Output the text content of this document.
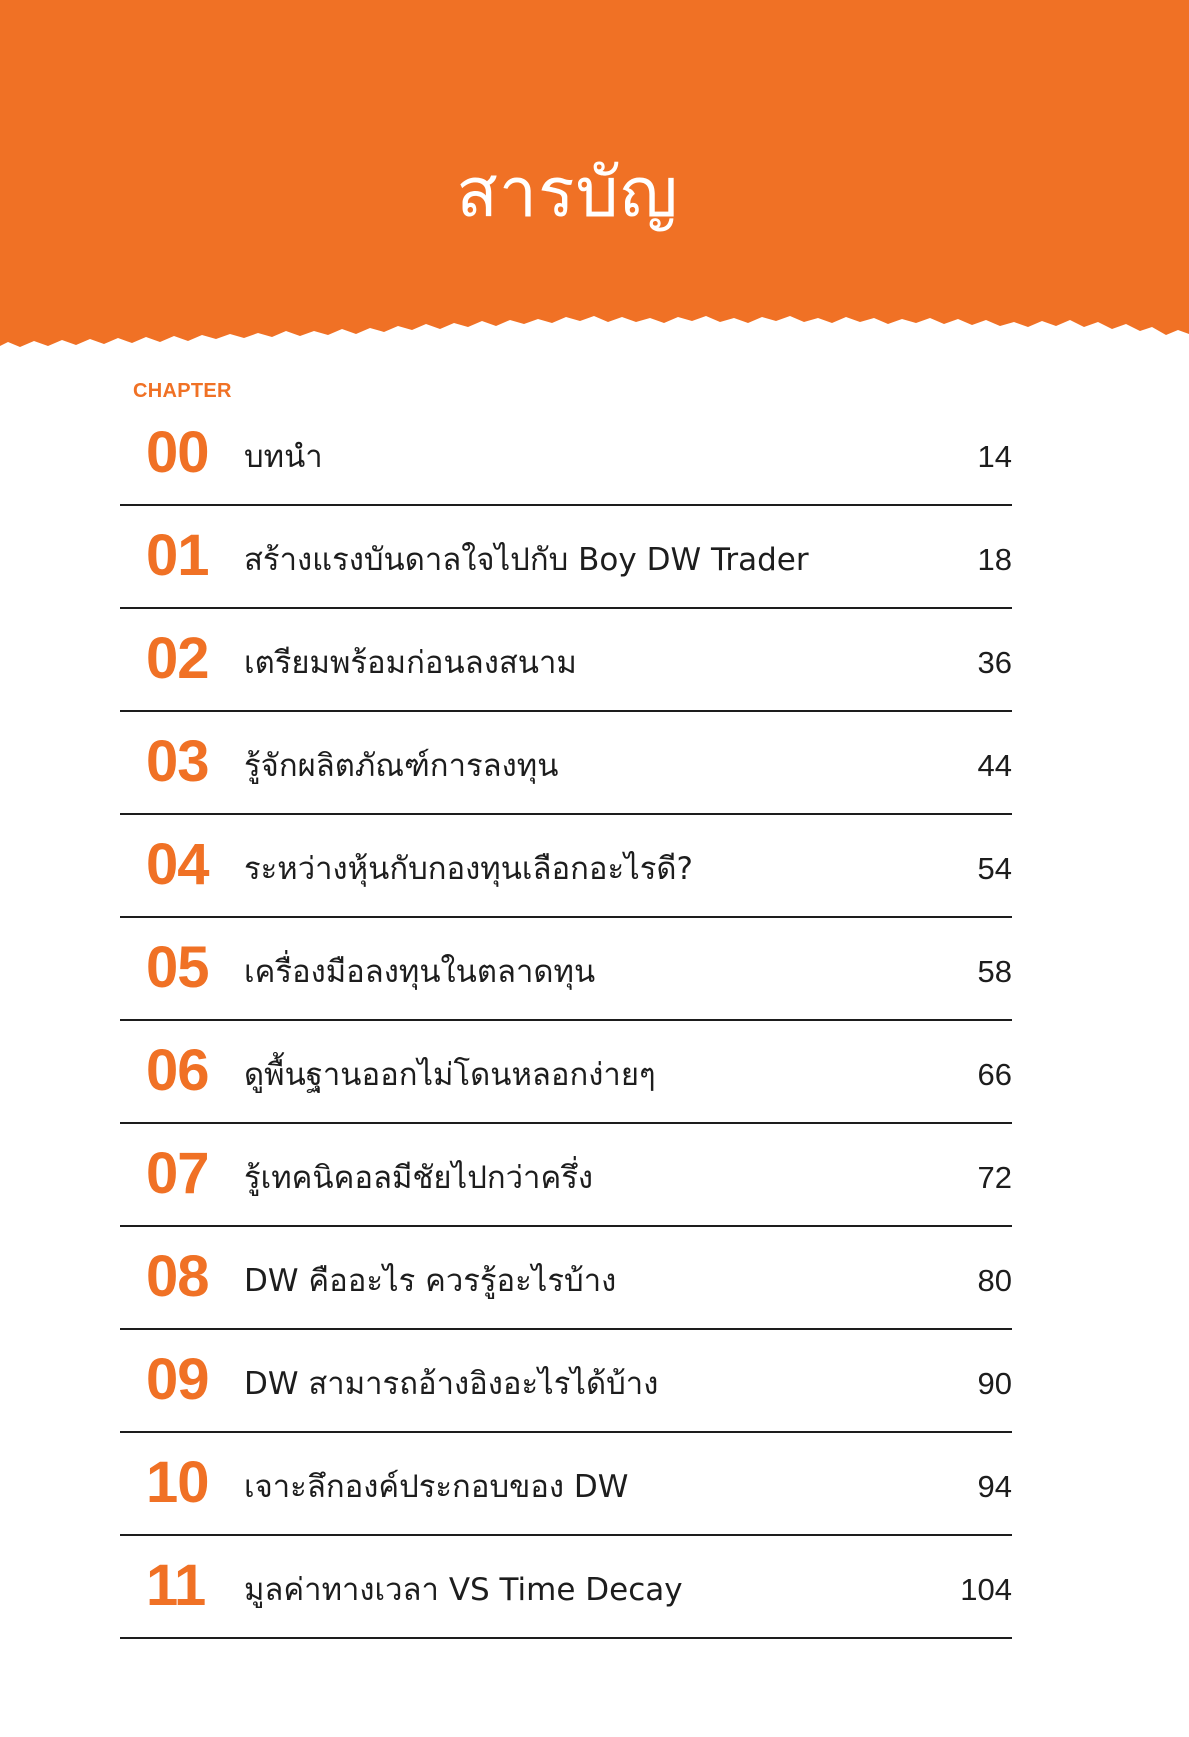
สารบัญ
CHAPTER
00 บทนำ	14
01 สร้างแรงบันดาลใจไปกับ Boy DW Trader	18
02 เตรียมพร้อมก่อนลงสนาม	36
03 รู้จักผลิตภัณฑ์การลงทุน	44
04 ระหว่างหุ้นกับกองทุนเลือกอะไรดี?	54
05 เครื่องมือลงทุนในตลาดทุน	58
06 ดูพื้นฐานออกไม่โดนหลอกง่ายๆ	66
07 รู้เทคนิคอลมีชัยไปกว่าครึ่ง	72
08 DW คืออะไร ควรรู้อะไรบ้าง	80
09 DW สามารถอ้างอิงอะไรได้บ้าง	90
10 เจาะลึกองค์ประกอบของ DW	94
11 มูลค่าทางเวลา VS Time Decay	104
